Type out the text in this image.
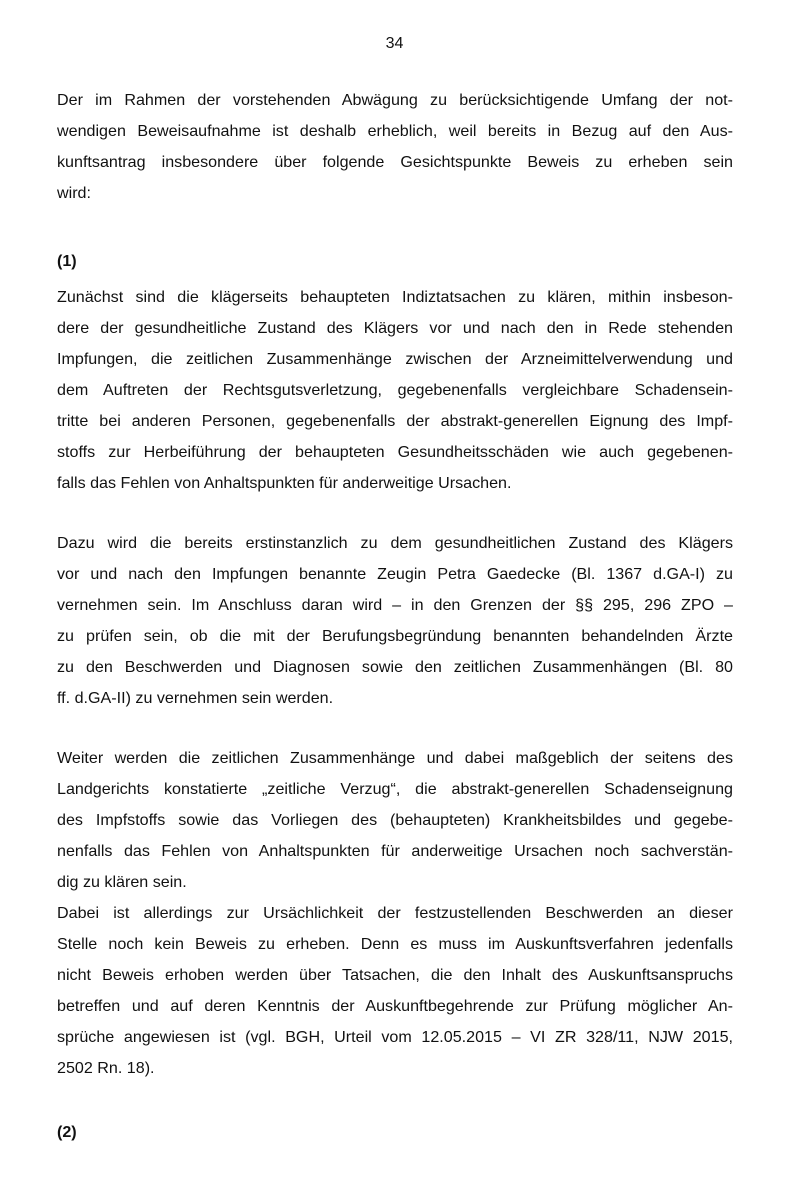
34

Der im Rahmen der vorstehenden Abwägung zu berücksichtigende Umfang der not-
wendigen Beweisaufnahme ist deshalb erheblich, weil bereits in Bezug auf den Aus-
kunftsantrag insbesondere über folgende Gesichtspunkte Beweis zu erheben sein
wird:

(1)

Zunächst sind die klägerseits behaupteten Indiztatsachen zu klären, mithin insbeson-
dere der gesundheitliche Zustand des Klägers vor und nach den in Rede stehenden
Impfungen, die zeitlichen Zusammenhänge zwischen der Arzneimittelverwendung und
dem Auftreten der Rechtsgutsverletzung, gegebenenfalls vergleichbare Schadensein-
tritte bei anderen Personen, gegebenenfalls der abstrakt-generellen Eignung des Impf-
stoffs zur Herbeiführung der behaupteten Gesundheitsschäden wie auch gegebenen-
falls das Fehlen von Anhaltspunkten für anderweitige Ursachen.

Dazu wird die bereits erstinstanzlich zu dem gesundheitlichen Zustand des Klägers
vor und nach den Impfungen benannte Zeugin Petra Gaedecke (Bl. 1367 d.GA-I) zu
vernehmen sein. Im Anschluss daran wird – in den Grenzen der §§ 295, 296 ZPO –
zu prüfen sein, ob die mit der Berufungsbegründung benannten behandelnden Ärzte
zu den Beschwerden und Diagnosen sowie den zeitlichen Zusammenhängen (Bl. 80
ff. d.GA-II) zu vernehmen sein werden.

Weiter werden die zeitlichen Zusammenhänge und dabei maßgeblich der seitens des
Landgerichts konstatierte „zeitliche Verzug“, die abstrakt-generellen Schadenseignung
des Impfstoffs sowie das Vorliegen des (behaupteten) Krankheitsbildes und gegebe-
nenfalls das Fehlen von Anhaltspunkten für anderweitige Ursachen noch sachverstän-
dig zu klären sein.
Dabei ist allerdings zur Ursächlichkeit der festzustellenden Beschwerden an dieser
Stelle noch kein Beweis zu erheben. Denn es muss im Auskunftsverfahren jedenfalls
nicht Beweis erhoben werden über Tatsachen, die den Inhalt des Auskunftsanspruchs
betreffen und auf deren Kenntnis der Auskunftbegehrende zur Prüfung möglicher An-
sprüche angewiesen ist (vgl. BGH, Urteil vom 12.05.2015 – VI ZR 328/11, NJW 2015,
2502 Rn. 18).

(2)
